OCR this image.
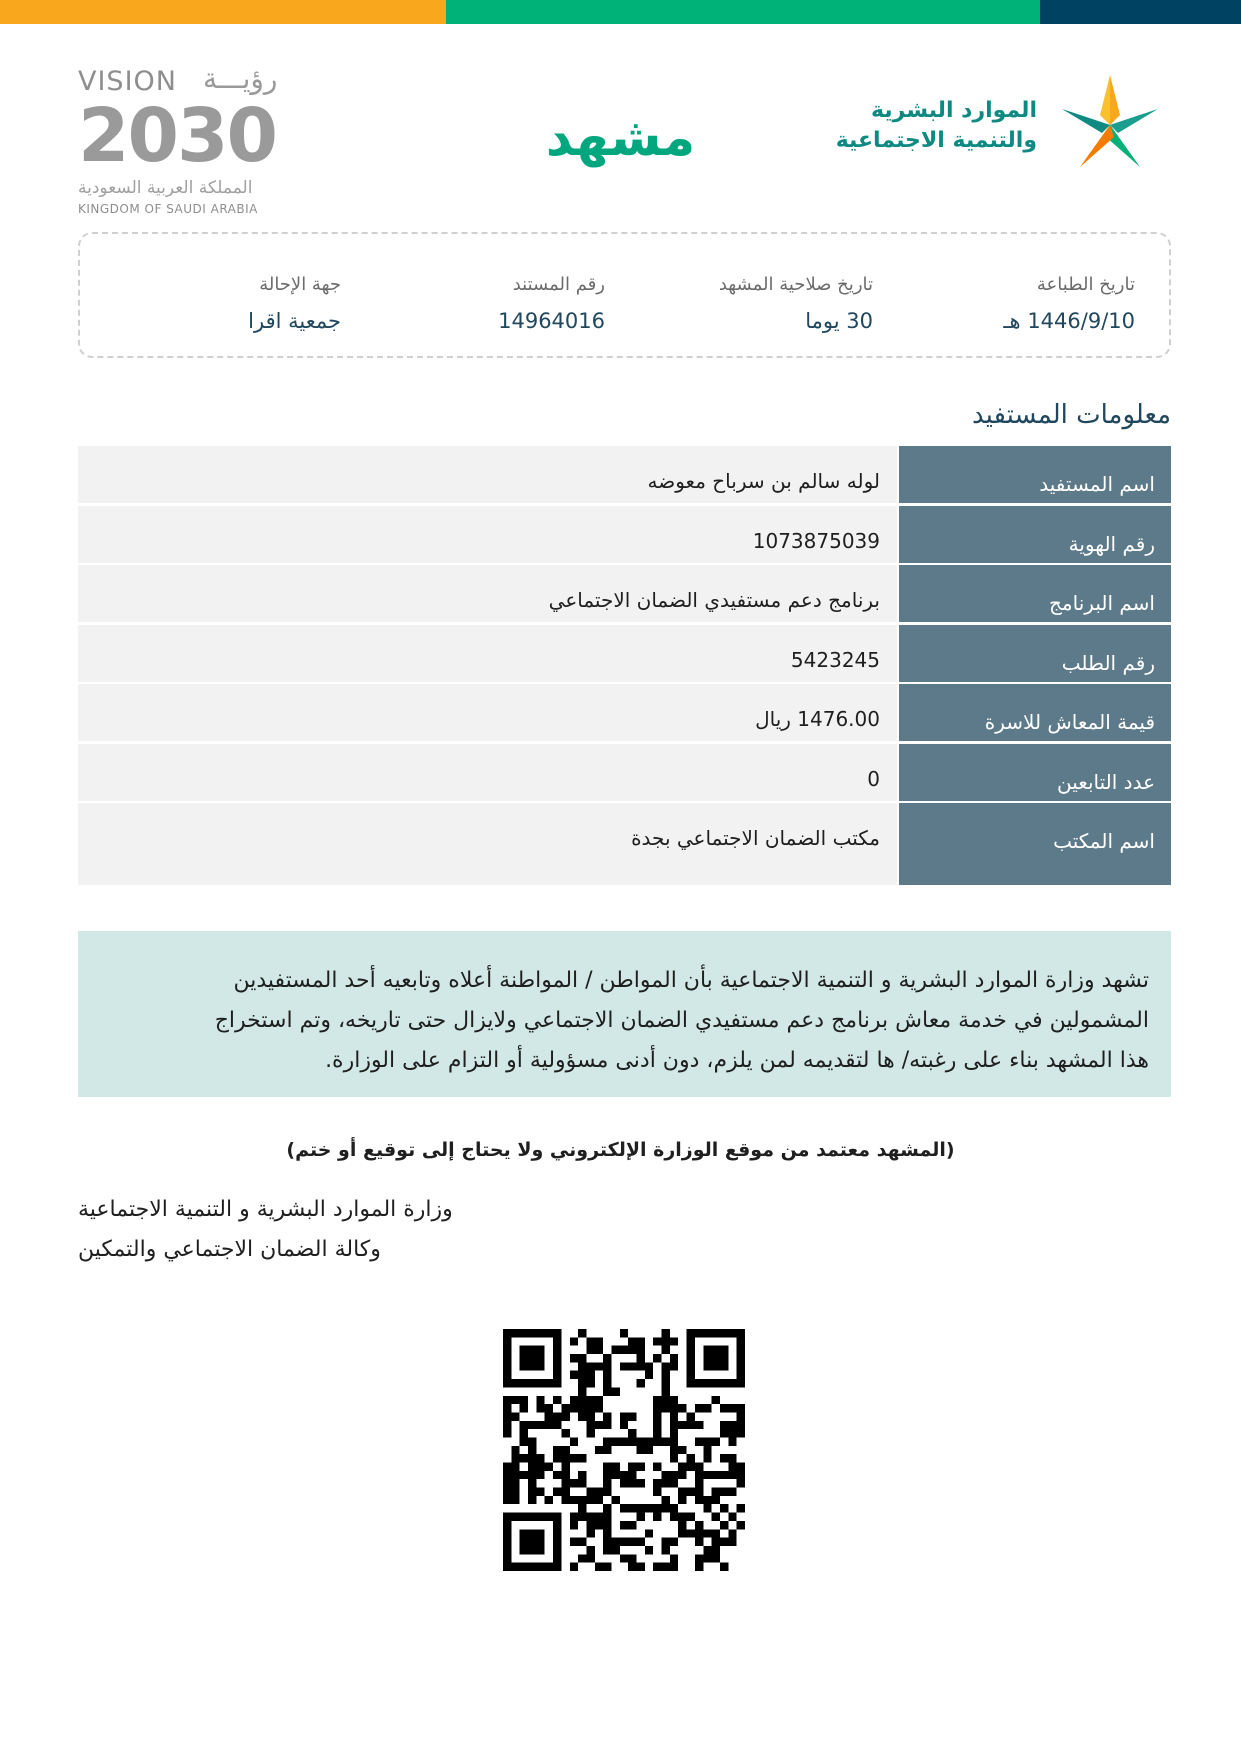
VISION رؤيـــة
2030
المملكة العربية السعودية
KINGDOM OF SAUDI ARABIA
مشهد	الموارد البشرية
والتنمية الاجتماعية
تاريخ الطباعة
1446/9/10 هـ
تاريخ صلاحية المشهد
30 يوما
رقم المستند
14964016
جهة الإحالة
جمعية اقرا
معلومات المستفيد
اسم المستفيد
لوله سالم بن سرباح معوضه
رقم الهوية
1073875039
اسم البرنامج
برنامج دعم مستفيدي الضمان الاجتماعي
رقم الطلب
5423245
قيمة المعاش للاسرة
1476.00 ريال
عدد التابعين
0
اسم المكتب
مكتب الضمان الاجتماعي بجدة
تشهد وزارة الموارد البشرية و التنمية الاجتماعية بأن المواطن / المواطنة أعلاه وتابعيه أحد المستفيدين
المشمولين في خدمة معاش برنامج دعم مستفيدي الضمان الاجتماعي ولايزال حتى تاريخه، وتم استخراج
هذا المشهد بناء على رغبته/ ها لتقديمه لمن يلزم، دون أدنى مسؤولية أو التزام على الوزارة.
(المشهد معتمد من موقع الوزارة الإلكتروني ولا يحتاج إلى توقيع أو ختم)
وزارة الموارد البشرية و التنمية الاجتماعية
وكالة الضمان الاجتماعي والتمكين
